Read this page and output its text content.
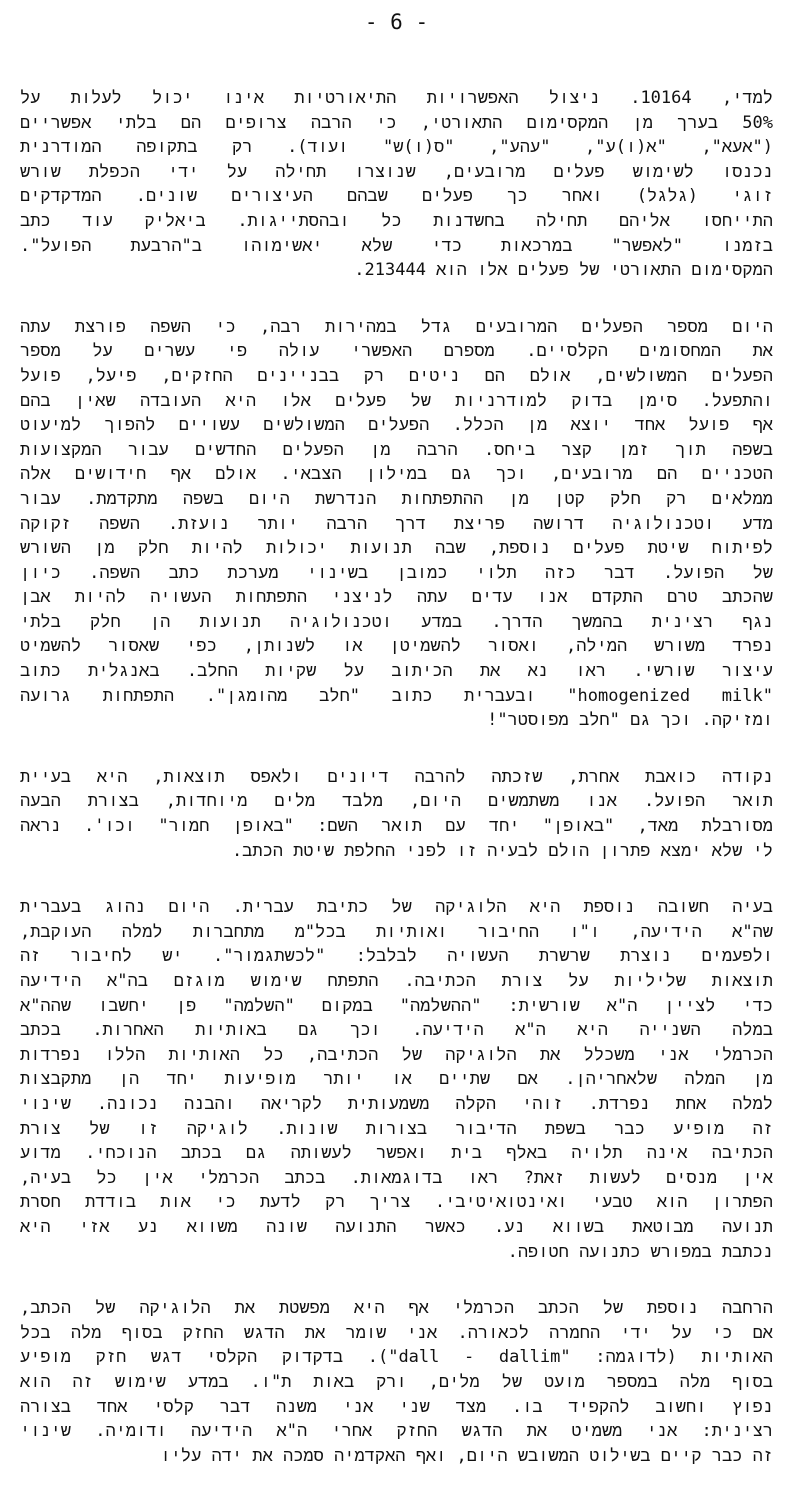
- 6 -
למדי, 10164. ניצול האפשרויות התיאורטיות אינו יכול לעלות על
50% בערך מן המקסימום התאורטי, כי הרבה צרופים הם בלתי אפשריים
("אעא", "א(ו)ע", "עהע", "ס(ו)ש" ועוד). רק בתקופה המודרנית
נכנסו לשימוש פעלים מרובעים, שנוצרו תחילה על ידי הכפלת שורש
זוגי (גלגל) ואחר כך פעלים שבהם העיצורים שונים. המדקדקים
התייחסו אליהם תחילה בחשדנות כל ובהסתייגות. ביאליק עוד כתב
בזמנו "לאפשר" במרכאות כדי שלא יאשימוהו ב"הרבעת הפועל".
המקסימום התאורטי של פעלים אלו הוא 213444.
היום מספר הפעלים המרובעים גדל במהירות רבה, כי השפה פורצת עתה
את המחסומים הקלסיים. מספרם האפשרי עולה פי עשרים על מספר
הפעלים המשולשים, אולם הם ניטים רק בבניינים החזקים, פיעל, פועל
והתפעל. סימן בדוק למודרניות של פעלים אלו היא העובדה שאין בהם
אף פועל אחד יוצא מן הכלל. הפעלים המשולשים עשויים להפוך למיעוט
בשפה תוך זמן קצר ביחס. הרבה מן הפעלים החדשים עבור המקצועות
הטכניים הם מרובעים, וכך גם במילון הצבאי. אולם אף חידושים אלה
ממלאים רק חלק קטן מן ההתפתחות הנדרשת היום בשפה מתקדמת. עבור
מדע וטכנולוגיה דרושה פריצת דרך הרבה יותר נועזת. השפה זקוקה
לפיתוח שיטת פעלים נוספת, שבה תנועות יכולות להיות חלק מן השורש
של הפועל. דבר כזה תלוי כמובן בשינוי מערכת כתב השפה. כיון
שהכתב טרם התקדם אנו עדים עתה לניצני התפתחות העשויה להיות אבן
נגף רצינית בהמשך הדרך. במדע וטכנולוגיה תנועות הן חלק בלתי
נפרד משורש המילה, ואסור להשמיטן או לשנותן, כפי שאסור להשמיט
עיצור שורשי. ראו נא את הכיתוב על שקיות החלב. באנגלית כתוב
"homogenized milk" ובעברית כתוב "חלב מהומגן". התפתחות גרועה
ומזיקה. וכך גם "חלב מפוסטר"!
נקודה כואבת אחרת, שזכתה להרבה דיונים ולאפס תוצאות, היא בעיית
תואר הפועל. אנו משתמשים היום, מלבד מלים מיוחדות, בצורת הבעה
מסורבלת מאד, "באופן" יחד עם תואר השם: "באופן חמור" וכו'. נראה
לי שלא ימצא פתרון הולם לבעיה זו לפני החלפת שיטת הכתב.
בעיה חשובה נוספת היא הלוגיקה של כתיבת עברית. היום נהוג בעברית
שה"א הידיעה, ו"ו החיבור ואותיות בכל"מ מתחברות למלה העוקבת,
ולפעמים נוצרת שרשרת העשויה לבלבל: "לכשתגמור". יש לחיבור זה
תוצאות שליליות על צורת הכתיבה. התפתח שימוש מוגזם בה"א הידיעה
כדי לציין ה"א שורשית: "ההשלמה" במקום "השלמה" פן יחשבו שהה"א
במלה השנייה היא ה"א הידיעה. וכך גם באותיות האחרות. בכתב
הכרמלי אני משכלל את הלוגיקה של הכתיבה, כל האותיות הללו נפרדות
מן המלה שלאחריהן. אם שתיים או יותר מופיעות יחד הן מתקבצות
למלה אחת נפרדת. זוהי הקלה משמעותית לקריאה והבנה נכונה. שינוי
זה מופיע כבר בשפת הדיבור בצורות שונות. לוגיקה זו של צורת
הכתיבה אינה תלויה באלף בית ואפשר לעשותה גם בכתב הנוכחי. מדוע
אין מנסים לעשות זאת? ראו בדוגמאות. בכתב הכרמלי אין כל בעיה,
הפתרון הוא טבעי ואינטואיטיבי. צריך רק לדעת כי אות בודדת חסרת
תנועה מבוטאת בשווא נע. כאשר התנועה שונה משווא נע אזי היא
נכתבת במפורש כתנועה חטופה.
הרחבה נוספת של הכתב הכרמלי אף היא מפשטת את הלוגיקה של הכתב,
אם כי על ידי החמרה לכאורה. אני שומר את הדגש החזק בסוף מלה בכל
האותיות (לדוגמה: "dall - dallim"). בדקדוק הקלסי דגש חזק מופיע
בסוף מלה במספר מועט של מלים, ורק באות ת"ו. במדע שימוש זה הוא
נפוץ וחשוב להקפיד בו. מצד שני אני משנה דבר קלסי אחד בצורה
רצינית: אני משמיט את הדגש החזק אחרי ה"א הידיעה ודומיה. שינוי
זה כבר קיים בשילוט המשובש היום, ואף האקדמיה סמכה את ידה עליו
